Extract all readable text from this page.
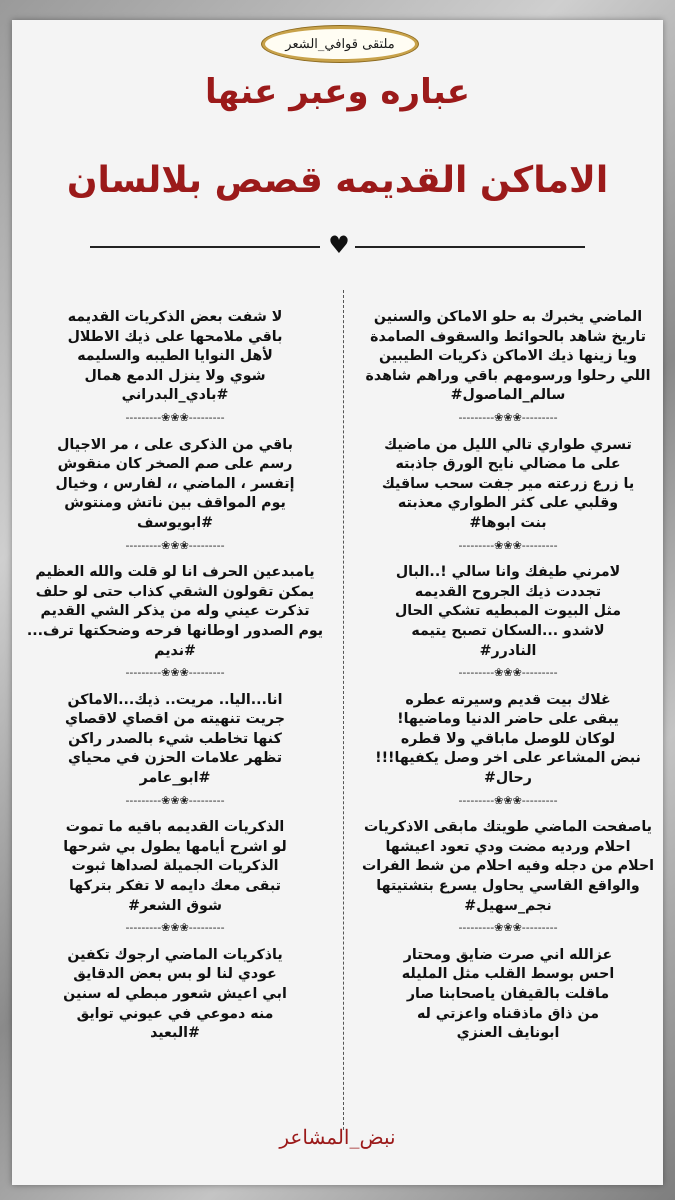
ملتقى قوافي_الشعر
عباره وعبر عنها
الاماكن القديمه قصص بلالسان
♥
الماضي يخبرك به حلو الاماكن والسنين
تاريخ شاهد بالحوائط والسقوف الصامدة
ويا زينها ذيك الاماكن ذكريات الطيبين
اللي رحلوا ورسومهم باقي وراهم شاهدة
سالم_الماصول#
---------❀❀❀---------
تسري طواري تالي الليل من ماضيك
على ما مضالي نايح الورق جاذبته
يا زرع زرعته مير جفت سحب ساقيك
وقلبي على كثر الطواري معذبته
بنت ابوها#
---------❀❀❀---------
لامرني طيفك وانا سالي !..البال
تجددت ذيك الجروح القديمه
مثل البيوت المبطيه تشكي الحال
لاشدو ...السكان تصبح يتيمه
النادرر#
---------❀❀❀---------
غلاك بيت قديم وسيرته عطره
يبقى على حاضر الدنيا وماضيها!
لوكان للوصل ماباقي ولا قطره
نبض المشاعر على اخر وصل يكفيها!!!
رحال#
---------❀❀❀---------
ياصفحت الماضي طويتك مابقى الاذكريات
احلام ورديه مضت ودي تعود اعيشها
احلام من دجله وفيه احلام من شط الفرات
والواقع القاسي يحاول يسرع بتشتيتها
نجم_سهيل#
---------❀❀❀---------
عزالله اني صرت ضايق ومحتار
احس بوسط القلب مثل المليله
ماقلت بالقيفان ياصحابنا صار
من ذاق ماذقناه واعزتي له
ابونايف العنزي
لا شفت بعض الذكريات القديمه
باقي ملامحها على ذيك الاطلال
لأهل النوايا الطيبه والسليمه
شوي ولا ينزل الدمع همال
#بادي_البدراني
---------❀❀❀---------
باقي من الذكرى على ، مر الاجيال
رسم على صم الصخر كان منقوش
إتفسر ، الماضي ،، لفارس ، وخيال
يوم المواقف بين ناتش ومنتوش
#ابويوسف
---------❀❀❀---------
يامبدعين الحرف انا لو قلت والله العظيم
يمكن تقولون الشقي كذاب حتى لو حلف
تذكرت عيني وله من يذكر الشي القديم
يوم الصدور اوطانها فرحه وضحكتها ترف...
#نديم
---------❀❀❀---------
انا...اليا.. مريت.. ذيك...الاماكن
جريت تنهيته من اقصاي لاقصاي
كنها تخاطب شيء بالصدر راكن
تظهر علامات الحزن في محياي
#ابو_عامر
---------❀❀❀---------
الذكريات القديمه باقيه ما تموت
لو اشرح أيامها يطول بي شرحها
الذكريات الجميلة لصداها ثبوت
تبقى معك دايمه لا تفكر بتركها
شوق الشعر#
---------❀❀❀---------
ياذكريات الماضي ارجوك تكفين
عودي لنا لو بس بعض الدقايق
ابي اعيش شعور مبطي له سنين
منه دموعي في عيوني توايق
#البعيد
نبض_المشاعر
